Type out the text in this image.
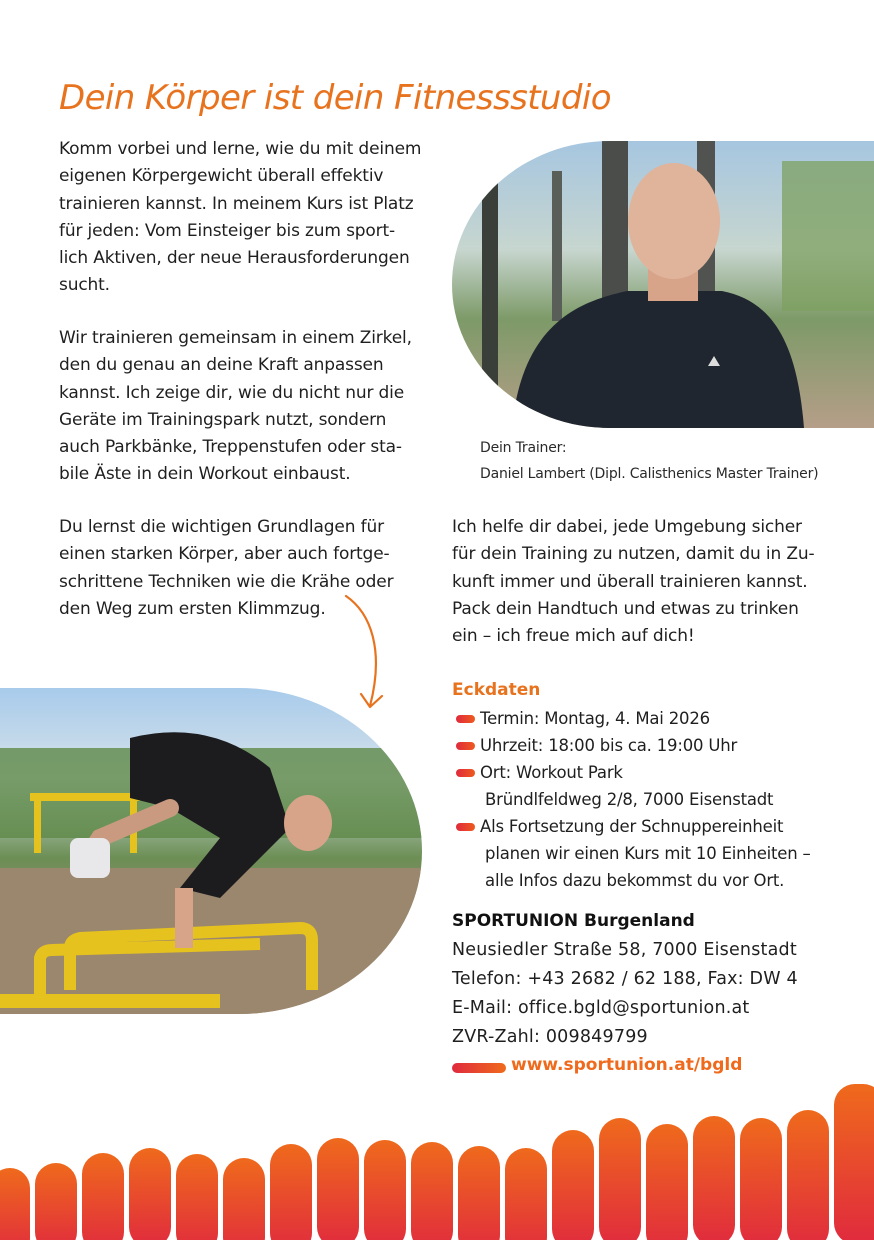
Dein Körper ist dein Fitnessstudio
Komm vorbei und lerne, wie du mit deinem
eigenen Körpergewicht überall effektiv
trainieren kannst. In meinem Kurs ist Platz
für jeden: Vom Einsteiger bis zum sport-
lich Aktiven, der neue Herausforderungen
sucht.
Wir trainieren gemeinsam in einem Zirkel,
den du genau an deine Kraft anpassen
kannst. Ich zeige dir, wie du nicht nur die
Geräte im Trainingspark nutzt, sondern
auch Parkbänke, Treppenstufen oder sta-
bile Äste in dein Workout einbaust.
Du lernst die wichtigen Grundlagen für
einen starken Körper, aber auch fortge-
schrittene Techniken wie die Krähe oder
den Weg zum ersten Klimmzug.
Ich helfe dir dabei, jede Umgebung sicher
für dein Training zu nutzen, damit du in Zu-
kunft immer und überall trainieren kannst.
Pack dein Handtuch und etwas zu trinken
ein – ich freue mich auf dich!

Dein Trainer:

Daniel Lambert (Dipl. Calisthenics Master Trainer)

Eckdaten
Termin: Montag, 4. Mai 2026
Uhrzeit: 18:00 bis ca. 19:00 Uhr
Ort: Workout Park
Bründlfeldweg 2/8, 7000 Eisenstadt
Als Fortsetzung der Schnuppereinheit
planen wir einen Kurs mit 10 Einheiten –
alle Infos dazu bekommst du vor Ort.
SPORTUNION Burgenland
Neusiedler Straße 58, 7000 Eisenstadt
Telefon: +43 2682 / 62 188, Fax: DW 4
E-Mail: office.bgld@sportunion.at
ZVR-Zahl: 009849799
www.sportunion.at/bgld
